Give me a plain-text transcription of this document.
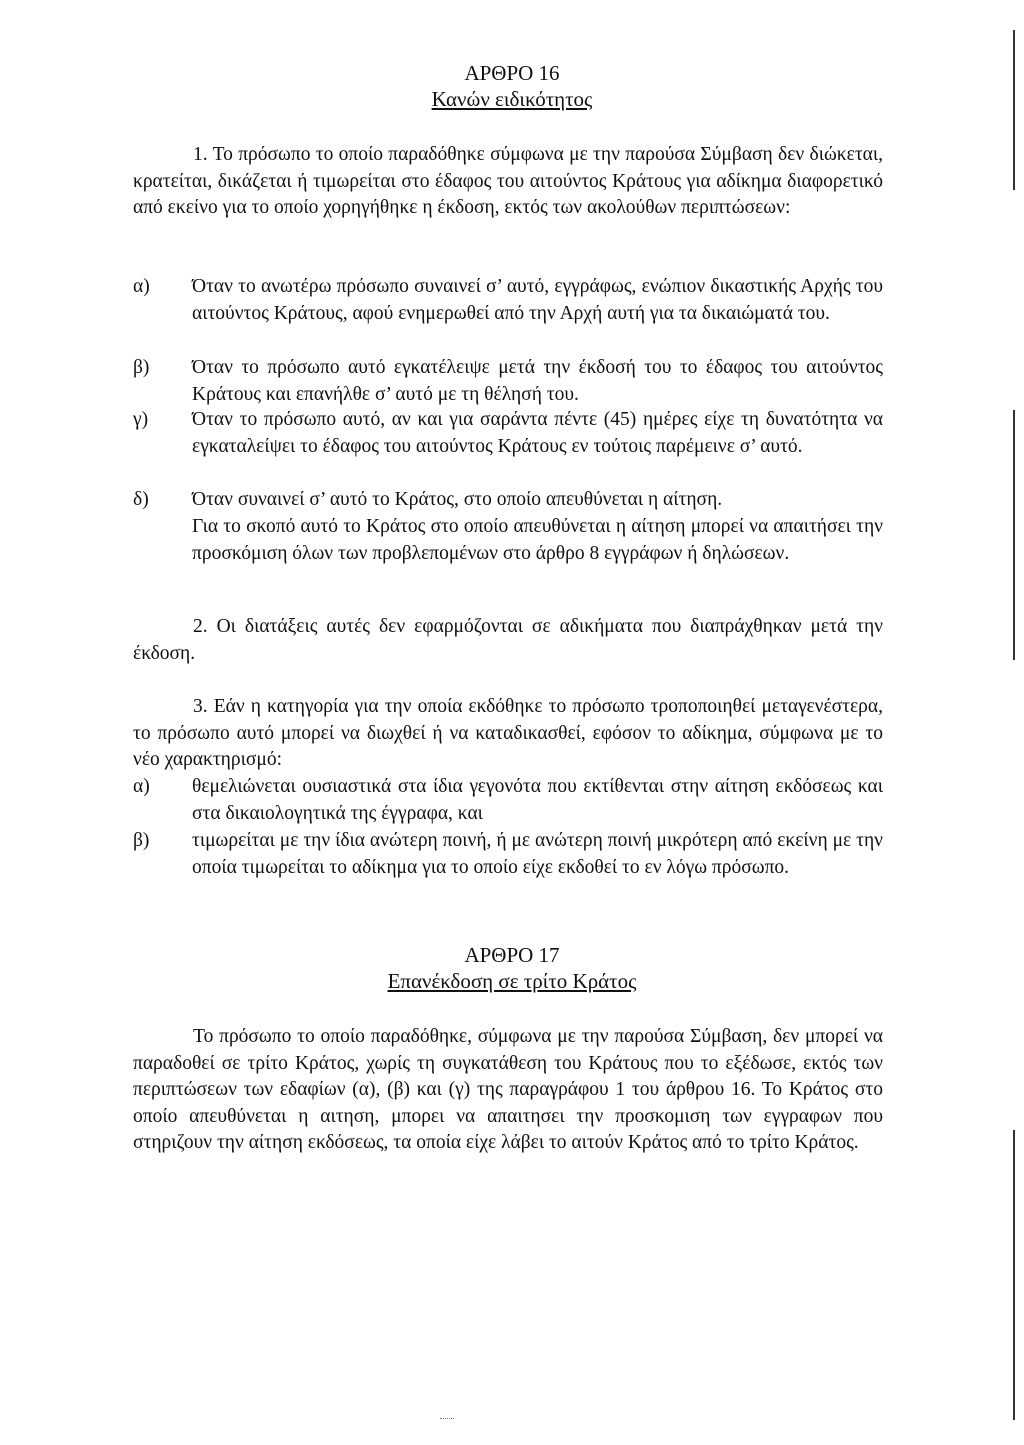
ΑΡΘΡΟ 16
Κανών ειδικότητος
1. Το πρόσωπο το οποίο παραδόθηκε σύμφωνα με την παρούσα Σύμβαση δεν διώκεται, κρατείται, δικάζεται ή τιμωρείται στο έδαφος του αιτούντος Κράτους για αδίκημα διαφορετικό από εκείνο για το οποίο χορηγήθηκε η έκδοση, εκτός των ακολούθων περιπτώσεων:
α)	Όταν το ανωτέρω πρόσωπο συναινεί σ’ αυτό, εγγράφως, ενώπιον δικαστικής Αρχής του αιτούντος Κράτους, αφού ενημερωθεί από την Αρχή αυτή για τα δικαιώματά του.
β)	Όταν το πρόσωπο αυτό εγκατέλειψε μετά την έκδοσή του το έδαφος του αιτούντος Κράτους και επανήλθε σ’ αυτό με τη θέλησή του.
γ)	Όταν το πρόσωπο αυτό, αν και για σαράντα πέντε (45) ημέρες είχε τη δυνατότητα να εγκαταλείψει το έδαφος του αιτούντος Κράτους εν τούτοις παρέμεινε σ’ αυτό.
δ)	Όταν συναινεί σ’ αυτό το Κράτος, στο οποίο απευθύνεται η αίτηση.
Για το σκοπό αυτό το Κράτος στο οποίο απευθύνεται η αίτηση μπορεί να απαιτήσει την προσκόμιση όλων των προβλεπομένων στο άρθρο 8 εγγράφων ή δηλώσεων.
2. Οι διατάξεις αυτές δεν εφαρμόζονται σε αδικήματα που διαπράχθηκαν μετά την έκδοση.
3. Εάν η κατηγορία για την οποία εκδόθηκε το πρόσωπο τροποποιηθεί μεταγενέστερα, το πρόσωπο αυτό μπορεί να διωχθεί ή να καταδικασθεί, εφόσον το αδίκημα, σύμφωνα με το νέο χαρακτηρισμό:
α)	θεμελιώνεται ουσιαστικά στα ίδια γεγονότα που εκτίθενται στην αίτηση εκδόσεως και στα δικαιολογητικά της έγγραφα, και
β)	τιμωρείται με την ίδια ανώτερη ποινή, ή με ανώτερη ποινή μικρότερη από εκείνη με την οποία τιμωρείται το αδίκημα για το οποίο είχε εκδοθεί το εν λόγω πρόσωπο.
ΑΡΘΡΟ 17
Επανέκδοση σε τρίτο Κράτος
Το πρόσωπο το οποίο παραδόθηκε, σύμφωνα με την παρούσα Σύμβαση, δεν μπορεί να παραδοθεί σε τρίτο Κράτος, χωρίς τη συγκατάθεση του Κράτους που το εξέδωσε, εκτός των περιπτώσεων των εδαφίων (α), (β) και (γ) της παραγράφου 1 του άρθρου 16. Το Κράτος στο οποίο απευθύνεται η αιτηση, μπορει να απαιτησει την προσκομιση των εγγραφων που στηριζουν την αίτηση εκδόσεως, τα οποία είχε λάβει το αιτούν Κράτος από το τρίτο Κράτος.
